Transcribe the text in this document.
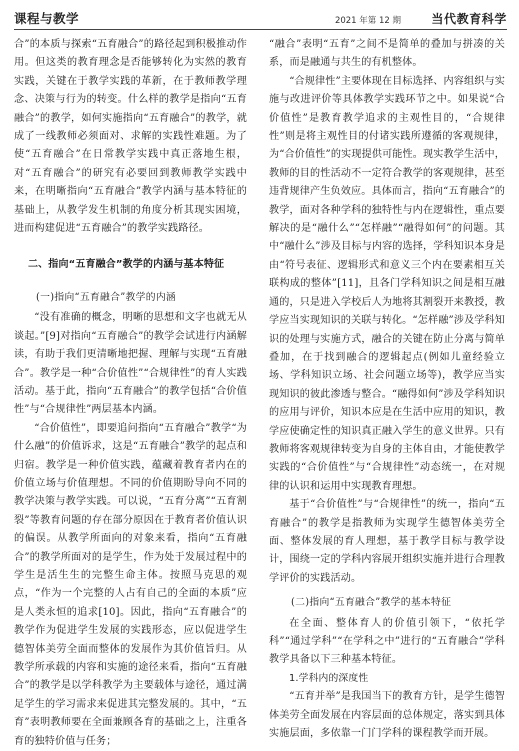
课程与教学	2021 年第 12 期	当代教育科学

合”的本质与探索“五育融合”的路径起到积极推动作用。但这类的教育理念是否能够转化为实然的教育实践，关键在于教学实践的革新，在于教师教学理念、决策与行为的转变。什么样的教学是指向“五育融合”的教学，如何实施指向“五育融合”的教学，就成了一线教师必须面对、求解的实践性难题。为了使“五育融合”在日常教学实践中真正落地生根，对“五育融合”的研究有必要回到教师教学实践中来，在明晰指向“五育融合”教学内涵与基本特征的基础上，从教学发生机制的角度分析其现实困境，进而构建促进“五育融合”的教学实践路径。

二、指向“五育融合”教学的内涵与基本特征

(一)指向“五育融合”教学的内涵

“没有准确的概念，明晰的思想和文字也就无从谈起。”[9]对指向“五育融合”的教学会试进行内涵解读，有助于我们更清晰地把握、理解与实现“五育融合”。教学是一种“合价值性”“合规律性”的育人实践活动。基于此，指向“五育融合”的教学包括“合价值性”与“合规律性”两层基本内涵。

“合价值性”，即要追问指向“五育融合”教学“为什么融”的价值诉求，这是“五育融合”教学的起点和归宿。教学是一种价值实践，蕴藏着教育者内在的价值立场与价值理想。不同的价值期盼导向不同的教学决策与教学实践。可以说，“五育分离”“五育割裂”等教育问题的存在部分原因在于教育者价值认识的偏误。从教学所面向的对象来看，指向“五育融合”的教学所面对的是学生，作为处于发展过程中的学生是活生生的完整生命主体。按照马克思的观点，“作为一个完整的人占有自己的全面的本质”应是人类永恒的追求[10]。因此，指向“五育融合”的教学作为促进学生发展的实践形态，应以促进学生德智体美劳全面而整体的发展作为其价值旨归。从教学所承载的内容和实施的途径来看，指向“五育融合”的教学是以学科教学为主要载体与途径，通过满足学生的学习需求来促进其完整发展的。其中，“五育”表明教师要在全面兼顾各育的基础之上，注重各育的独特价值与任务；

“融合”表明“五育”之间不是简单的叠加与拼凑的关系，而是融通与共生的有机整体。

“合规律性”主要体现在目标选择、内容组织与实施与改进评价等具体教学实践环节之中。如果说“合价值性”是教育教学追求的主观性目的，“合规律性”则是将主观性目的付诸实践所遵循的客观规律，为“合价值性”的实现提供可能性。现实教学生活中，教师的目的性活动不一定符合教学的客观规律，甚至违背规律产生负效应。具体而言，指向“五育融合”的教学，面对各种学科的独特性与内在逻辑性，重点要解决的是“融什么”“怎样融”“融得如何”的问题。其中“融什么”涉及目标与内容的选择，学科知识本身是由“符号表征、逻辑形式和意义三个内在要素相互关联构成的整体”[11]，且各门学科知识之间是相互融通的，只是进入学校后人为地将其割裂开来教授，教学应当实现知识的关联与转化。“怎样融”涉及学科知识的处理与实施方式，融合的关键在防止分离与简单叠加，在于找到融合的逻辑起点(例如儿童经验立场、学科知识立场、社会问题立场等)，教学应当实现知识的彼此渗透与整合。“融得如何”涉及学科知识的应用与评价，知识本应是在生活中应用的知识，教学应使确定性的知识真正融入学生的意义世界。只有教师将客观规律转变为自身的主体自由，才能使教学实践的“合价值性”与“合规律性”动态统一，在对规律的认识和运用中实现教育理想。

基于“合价值性”与“合规律性”的统一，指向“五育融合”的教学是指教师为实现学生德智体美劳全面、整体发展的育人理想，基于教学目标与教学设计，围绕一定的学科内容展开组织实施并进行合理教学评价的实践活动。

(二)指向“五育融合”教学的基本特征

在全面、整体育人的价值引领下，“依托学科”“通过学科”“在学科之中”进行的“五育融合”学科教学具备以下三种基本特征。

1.学科内的深度性

“五育并举”是我国当下的教育方针，是学生德智体美劳全面发展在内容层面的总体规定，落实到具体实施层面，多依靠一门门学科的课程教学而开展。
